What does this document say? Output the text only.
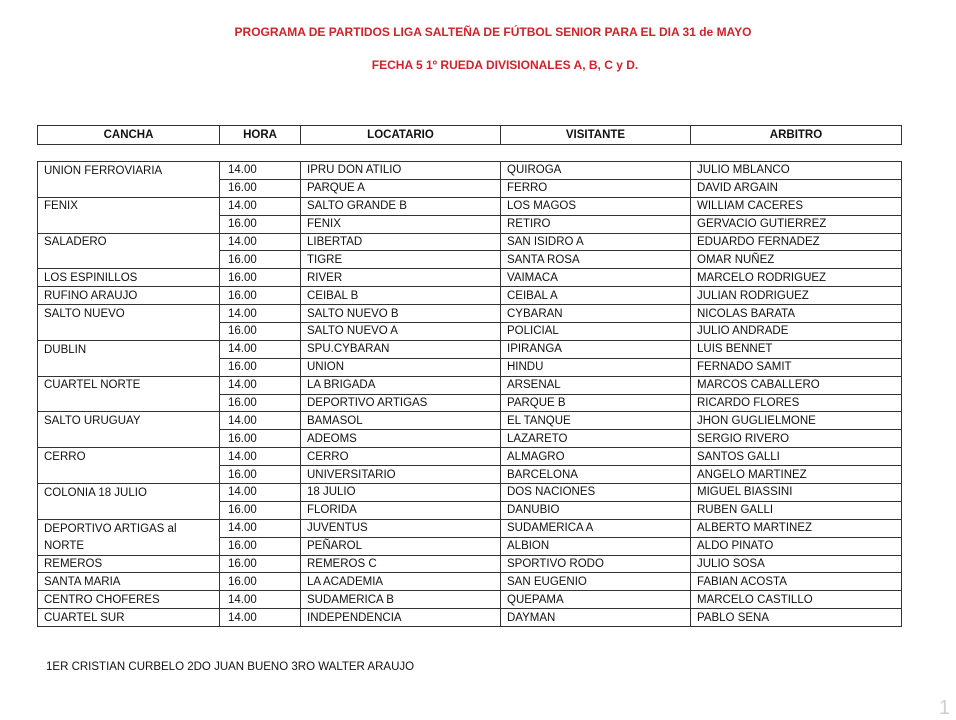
PROGRAMA DE PARTIDOS LIGA SALTEÑA DE FÚTBOL SENIOR PARA EL DIA 31 de MAYO
FECHA 5 1º RUEDA DIVISIONALES A, B, C y D.
CANCHA	HORA	LOCATARIO	VISITANTE	ARBITRO
UNION FERROVIARIA	14.00	IPRU DON ATILIO	QUIROGA	JULIO MBLANCO
	16.00	PARQUE A	FERRO	DAVID ARGAIN
FENIX	14.00	SALTO GRANDE B	LOS MAGOS	WILLIAM CACERES
	16.00	FENIX	RETIRO	GERVACIO GUTIERREZ
SALADERO	14.00	LIBERTAD	SAN ISIDRO A	EDUARDO FERNADEZ
	16.00	TIGRE	SANTA ROSA	OMAR NUÑEZ
LOS ESPINILLOS	16.00	RIVER	VAIMACA	MARCELO RODRIGUEZ
RUFINO ARAUJO	16.00	CEIBAL B	CEIBAL A	JULIAN RODRIGUEZ
SALTO NUEVO	14.00	SALTO NUEVO B	CYBARAN	NICOLAS BARATA
	16.00	SALTO NUEVO A	POLICIAL	JULIO ANDRADE
DUBLIN	14.00	SPU.CYBARAN	IPIRANGA	LUIS BENNET
	16.00	UNION	HINDU	FERNADO SAMIT
CUARTEL NORTE	14.00	LA BRIGADA	ARSENAL	MARCOS CABALLERO
	16.00	DEPORTIVO ARTIGAS	PARQUE B	RICARDO FLORES
SALTO URUGUAY	14.00	BAMASOL	EL TANQUE	JHON GUGLIELMONE
	16.00	ADEOMS	LAZARETO	SERGIO RIVERO
CERRO	14.00	CERRO	ALMAGRO	SANTOS GALLI
	16.00	UNIVERSITARIO	BARCELONA	ANGELO MARTINEZ
COLONIA 18 JULIO	14.00	18 JULIO	DOS NACIONES	MIGUEL BIASSINI
	16.00	FLORIDA	DANUBIO	RUBEN GALLI
DEPORTIVO ARTIGAS al	14.00	JUVENTUS	SUDAMERICA A	ALBERTO MARTINEZ
NORTE	16.00	PEÑAROL	ALBION	ALDO PINATO
REMEROS	16.00	REMEROS C	SPORTIVO RODO	JULIO SOSA
SANTA MARIA	16.00	LA ACADEMIA	SAN EUGENIO	FABIAN ACOSTA
CENTRO CHOFERES	14.00	SUDAMERICA B	QUEPAMA	MARCELO CASTILLO
CUARTEL SUR	14.00	INDEPENDENCIA	DAYMAN	PABLO SENA
1ER CRISTIAN CURBELO 2DO JUAN BUENO 3RO WALTER ARAUJO
1
